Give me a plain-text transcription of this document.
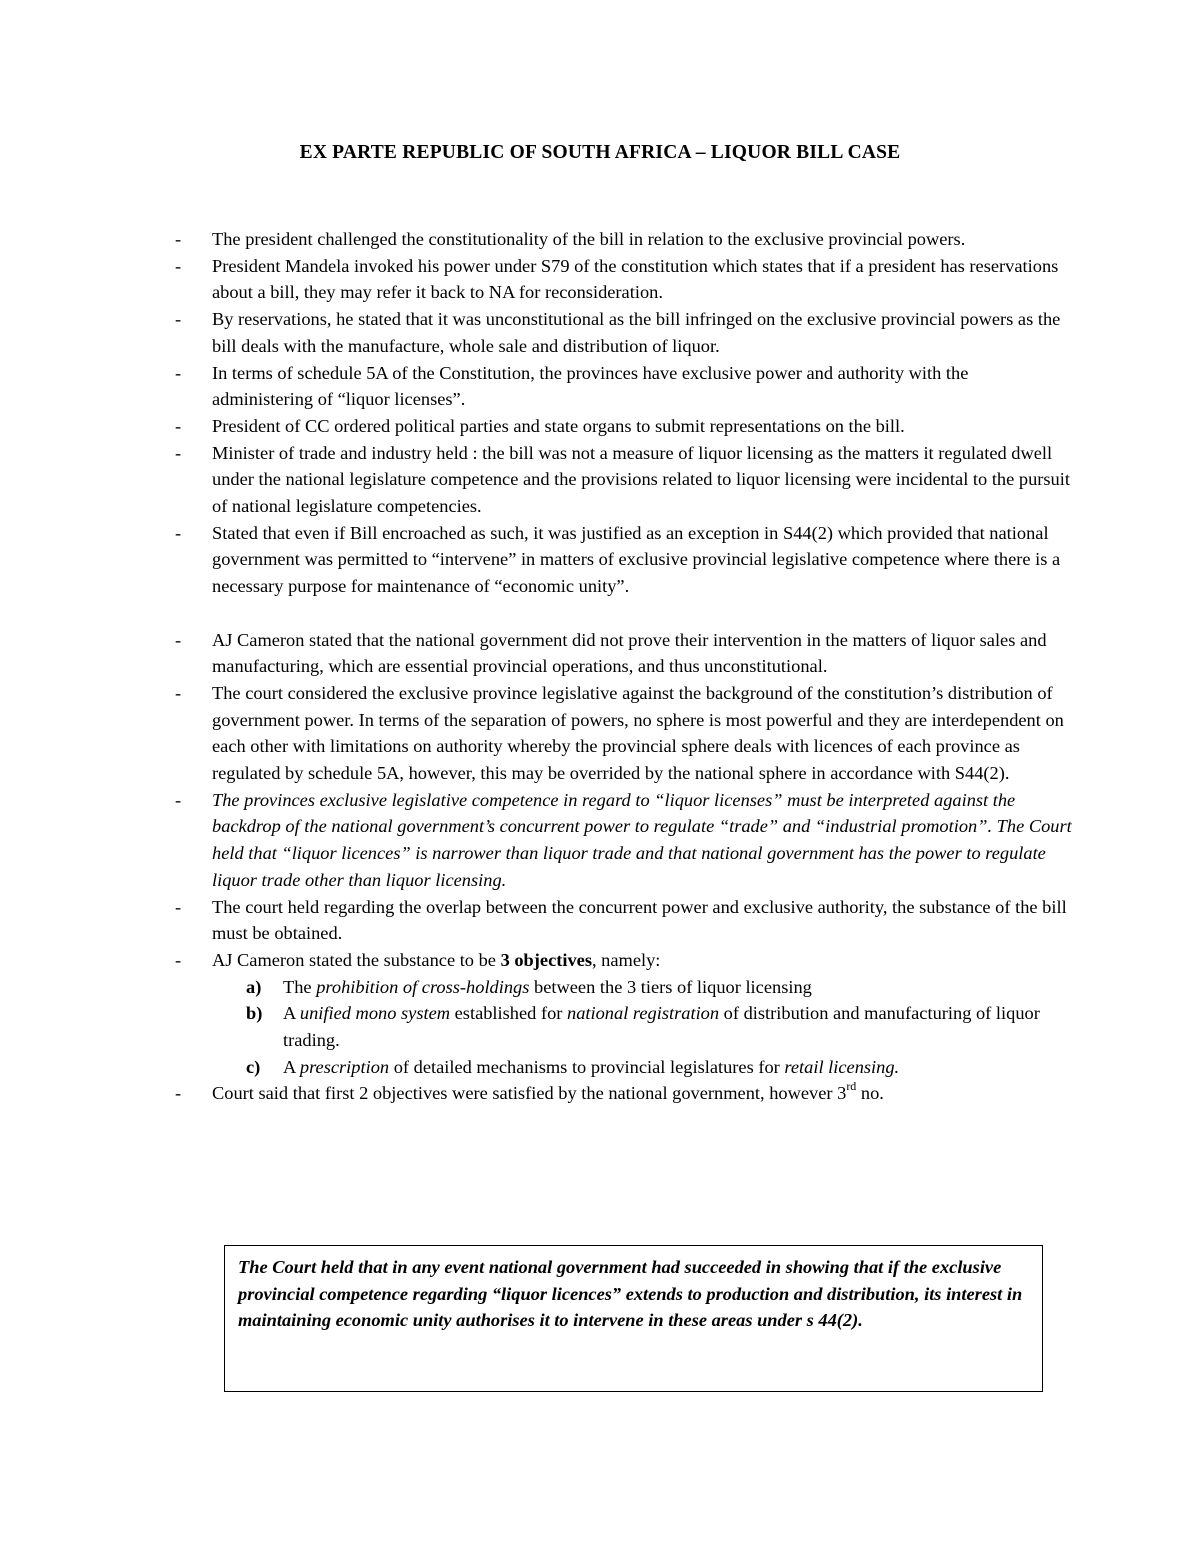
EX PARTE REPUBLIC OF SOUTH AFRICA – LIQUOR BILL CASE
- The president challenged the constitutionality of the bill in relation to the exclusive provincial powers.
- President Mandela invoked his power under S79 of the constitution which states that if a president has reservations about a bill, they may refer it back to NA for reconsideration.
- By reservations, he stated that it was unconstitutional as the bill infringed on the exclusive provincial powers as the bill deals with the manufacture, whole sale and distribution of liquor.
- In terms of schedule 5A of the Constitution, the provinces have exclusive power and authority with the administering of “liquor licenses”.
- President of CC ordered political parties and state organs to submit representations on the bill.
- Minister of trade and industry held : the bill was not a measure of liquor licensing as the matters it regulated dwell under the national legislature competence and the provisions related to liquor licensing were incidental to the pursuit of national legislature competencies.
- Stated that even if Bill encroached as such, it was justified as an exception in S44(2) which provided that national government was permitted to “intervene” in matters of exclusive provincial legislative competence where there is a necessary purpose for maintenance of “economic unity”.
- AJ Cameron stated that the national government did not prove their intervention in the matters of liquor sales and manufacturing, which are essential provincial operations, and thus unconstitutional.
- The court considered the exclusive province legislative against the background of the constitution’s distribution of government power. In terms of the separation of powers, no sphere is most powerful and they are interdependent on each other with limitations on authority whereby the provincial sphere deals with licences of each province as regulated by schedule 5A, however, this may be overrided by the national sphere in accordance with S44(2).
- The provinces exclusive legislative competence in regard to “liquor licenses” must be interpreted against the backdrop of the national government’s concurrent power to regulate “trade” and “industrial promotion”. The Court held that “liquor licences” is narrower than liquor trade and that national government has the power to regulate liquor trade other than liquor licensing.
- The court held regarding the overlap between the concurrent power and exclusive authority, the substance of the bill must be obtained.
- AJ Cameron stated the substance to be 3 objectives, namely:
a) The prohibition of cross-holdings between the 3 tiers of liquor licensing
b) A unified mono system established for national registration of distribution and manufacturing of liquor trading.
c) A prescription of detailed mechanisms to provincial legislatures for retail licensing.
- Court said that first 2 objectives were satisfied by the national government, however 3rd no.
The Court held that in any event national government had succeeded in showing that if the exclusive provincial competence regarding “liquor licences” extends to production and distribution, its interest in maintaining economic unity authorises it to intervene in these areas under s 44(2).
